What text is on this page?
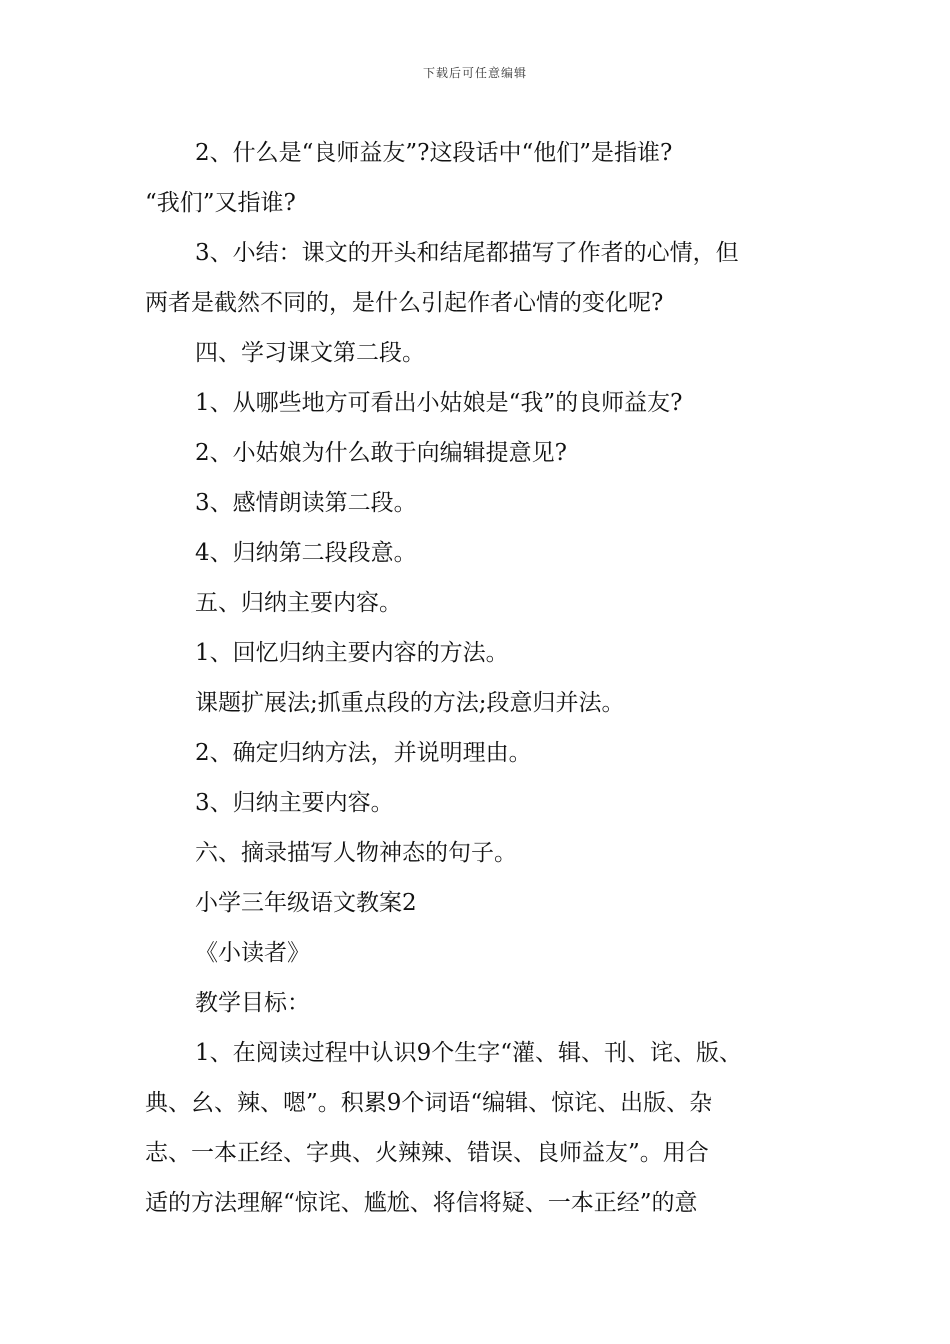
下载后可任意编辑

2、什么是“良师益友”?这段话中“他们”是指谁?

“我们”又指谁?

3、小结：课文的开头和结尾都描写了作者的心情，但

两者是截然不同的，是什么引起作者心情的变化呢?

四、学习课文第二段。

1、从哪些地方可看出小姑娘是“我”的良师益友?

2、小姑娘为什么敢于向编辑提意见?

3、感情朗读第二段。

4、归纳第二段段意。

五、归纳主要内容。

1、回忆归纳主要内容的方法。

课题扩展法;抓重点段的方法;段意归并法。

2、确定归纳方法，并说明理由。

3、归纳主要内容。

六、摘录描写人物神态的句子。

小学三年级语文教案2

《小读者》

教学目标：

1、在阅读过程中认识9个生字“灌、辑、刊、诧、版、

典、幺、辣、嗯”。积累9个词语“编辑、惊诧、出版、杂

志、一本正经、字典、火辣辣、错误、良师益友”。用合

适的方法理解“惊诧、尴尬、将信将疑、一本正经”的意
